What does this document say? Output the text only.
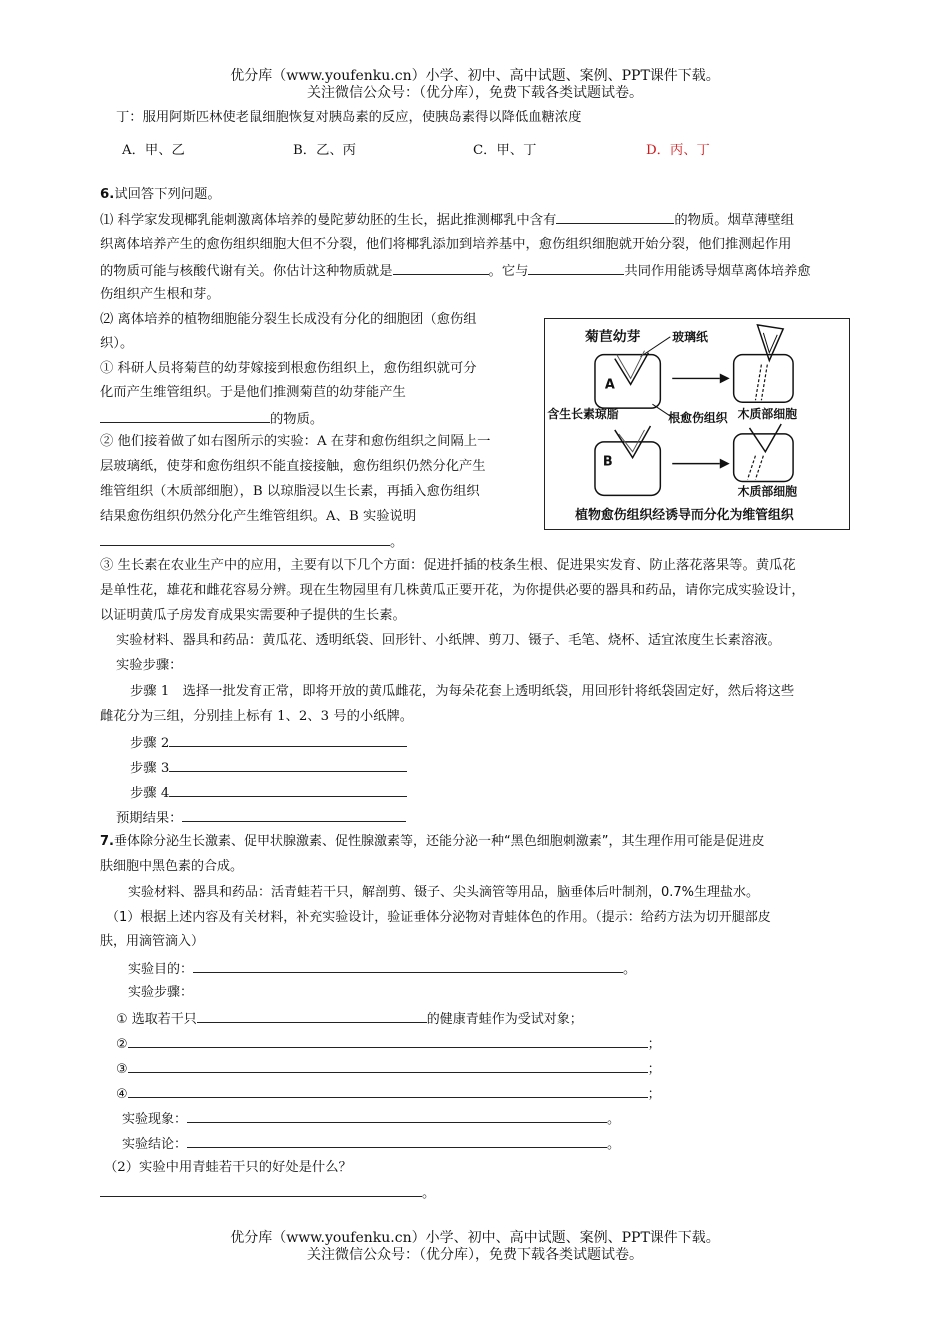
优分库（www.youfenku.cn）小学、初中、高中试题、案例、PPT课件下载。
关注微信公众号：（优分库），免费下载各类试题试卷。
丁：服用阿斯匹林使老鼠细胞恢复对胰岛素的反应，使胰岛素得以降低血糖浓度
A．甲、乙	B．乙、丙	C．甲、丁	D．丙、丁
6.试回答下列问题。
⑴ 科学家发现椰乳能刺激离体培养的曼陀萝幼胚的生长，据此推测椰乳中含有	的物质。烟草薄壁组
织离体培养产生的愈伤组织细胞大但不分裂，他们将椰乳添加到培养基中，愈伤组织细胞就开始分裂，他们推测起作用
的物质可能与核酸代谢有关。你估计这种物质就是	。它与	共同作用能诱导烟草离体培养愈
伤组织产生根和芽。
⑵ 离体培养的植物细胞能分裂生长成没有分化的细胞团（愈伤组
织）。
① 科研人员将菊苣的幼芽嫁接到根愈伤组织上，愈伤组织就可分
化而产生维管组织。于是他们推测菊苣的幼芽能产生
的物质。
② 他们接着做了如右图所示的实验：A 在芽和愈伤组织之间隔上一
层玻璃纸，使芽和愈伤组织不能直接接触，愈伤组织仍然分化产生
维管组织（木质部细胞），B 以琼脂浸以生长素，再插入愈伤组织
结果愈伤组织仍然分化产生维管组织。A、B 实验说明
。
菊苣幼芽	玻璃纸
A
B
含生长素琼脂	根愈伤组织 木质部细胞
木质部细胞
植物愈伤组织经诱导而分化为维管组织
③ 生长素在农业生产中的应用，主要有以下几个方面：促进扦插的枝条生根、促进果实发育、防止落花落果等。黄瓜花
是单性花，雄花和雌花容易分辨。现在生物园里有几株黄瓜正要开花，为你提供必要的器具和药品，请你完成实验设计，
以证明黄瓜子房发育成果实需要种子提供的生长素。
实验材料、器具和药品：黄瓜花、透明纸袋、回形针、小纸牌、剪刀、镊子、毛笔、烧杯、适宜浓度生长素溶液。
实验步骤：
步骤 1　选择一批发育正常，即将开放的黄瓜雌花，为每朵花套上透明纸袋，用回形针将纸袋固定好，然后将这些
雌花分为三组，分别挂上标有 1、2、3 号的小纸牌。
步骤 2
步骤 3
步骤 4
预期结果：
7.垂体除分泌生长激素、促甲状腺激素、促性腺激素等，还能分泌一种“黑色细胞刺激素”，其生理作用可能是促进皮
肤细胞中黑色素的合成。
实验材料、器具和药品：活青蛙若干只，解剖剪、镊子、尖头滴管等用品，脑垂体后叶制剂，0.7%生理盐水。
（1）根据上述内容及有关材料，补充实验设计，验证垂体分泌物对青蛙体色的作用。（提示：给药方法为切开腿部皮
肤，用滴管滴入）
实验目的：	。
实验步骤：
① 选取若干只	的健康青蛙作为受试对象；
②	；
③	；
④	；
实验现象：	。
实验结论：	。
（2）实验中用青蛙若干只的好处是什么？
。
优分库（www.youfenku.cn）小学、初中、高中试题、案例、PPT课件下载。
关注微信公众号：（优分库），免费下载各类试题试卷。
